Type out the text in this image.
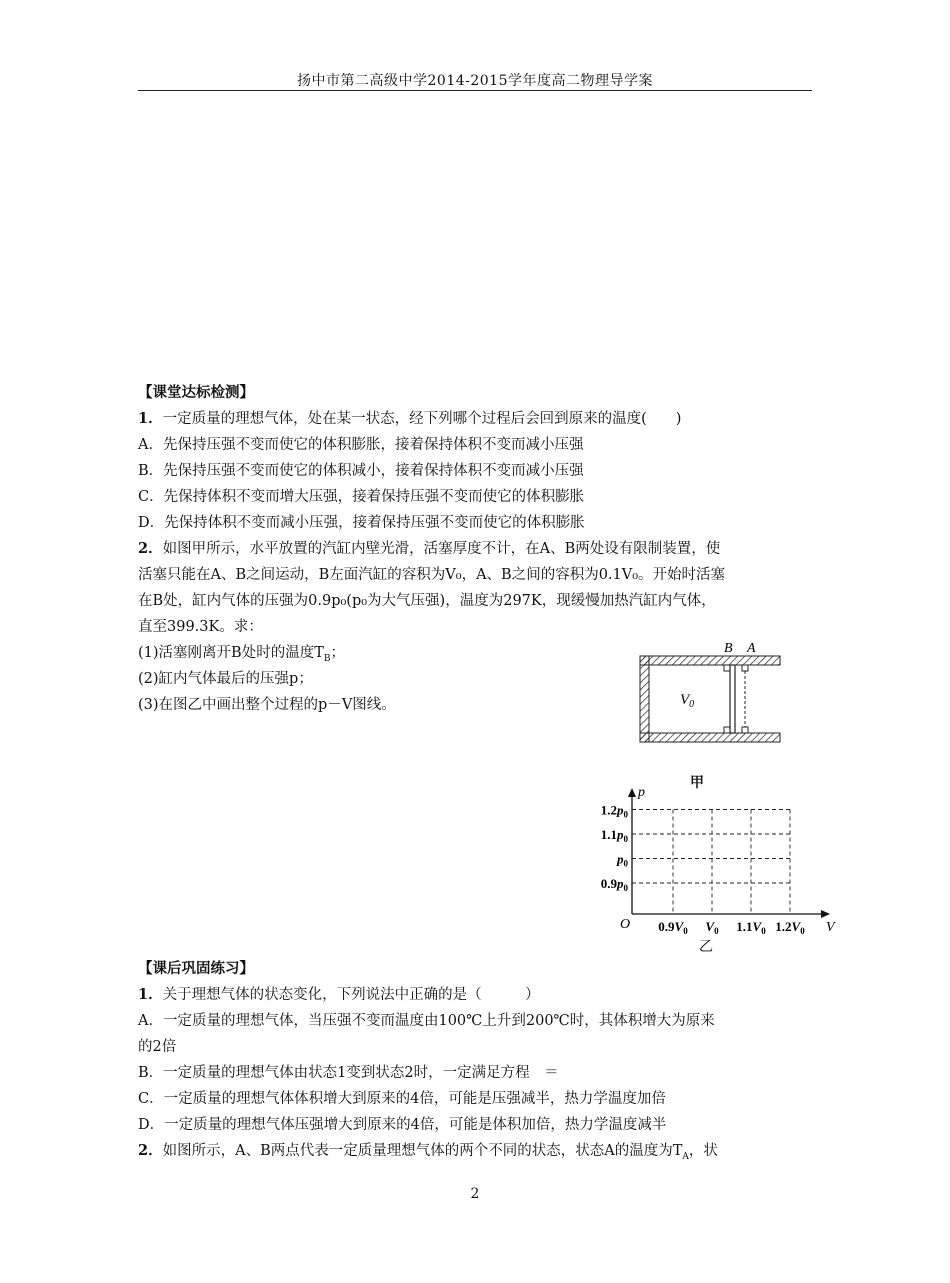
扬中市第二高级中学2014-2015学年度高二物理导学案
【课堂达标检测】
1．一定质量的理想气体，处在某一状态，经下列哪个过程后会回到原来的温度(　　)
A．先保持压强不变而使它的体积膨胀，接着保持体积不变而减小压强
B．先保持压强不变而使它的体积减小，接着保持体积不变而减小压强
C．先保持体积不变而增大压强，接着保持压强不变而使它的体积膨胀
D．先保持体积不变而减小压强，接着保持压强不变而使它的体积膨胀
2．如图甲所示，水平放置的汽缸内壁光滑，活塞厚度不计，在A、B两处设有限制装置，使
活塞只能在A、B之间运动，B左面汽缸的容积为V₀，A、B之间的容积为0.1V₀。开始时活塞
在B处，缸内气体的压强为0.9p₀(p₀为大气压强)，温度为297K，现缓慢加热汽缸内气体，
直至399.3K。求：
(1)活塞刚离开B处时的温度$T_B$；
(2)缸内气体最后的压强p；
(3)在图乙中画出整个过程的p－V图线。
B A
$V_0$
甲
p
V
O
$0.9p_0$
$p_0$
$1.1p_0$
$1.2p_0$
$0.9V_0$ $V_0$ $1.1V_0$ $1.2V_0$
乙
【课后巩固练习】
1．关于理想气体的状态变化，下列说法中正确的是（　　　）
A．一定质量的理想气体，当压强不变而温度由100℃上升到200℃时，其体积增大为原来
的2倍
B．一定质量的理想气体由状态1变到状态2时，一定满足方程　＝
C．一定质量的理想气体体积增大到原来的4倍，可能是压强减半，热力学温度加倍
D．一定质量的理想气体压强增大到原来的4倍，可能是体积加倍，热力学温度减半
2．如图所示，A、B两点代表一定质量理想气体的两个不同的状态，状态A的温度为$T_A$，状
2
